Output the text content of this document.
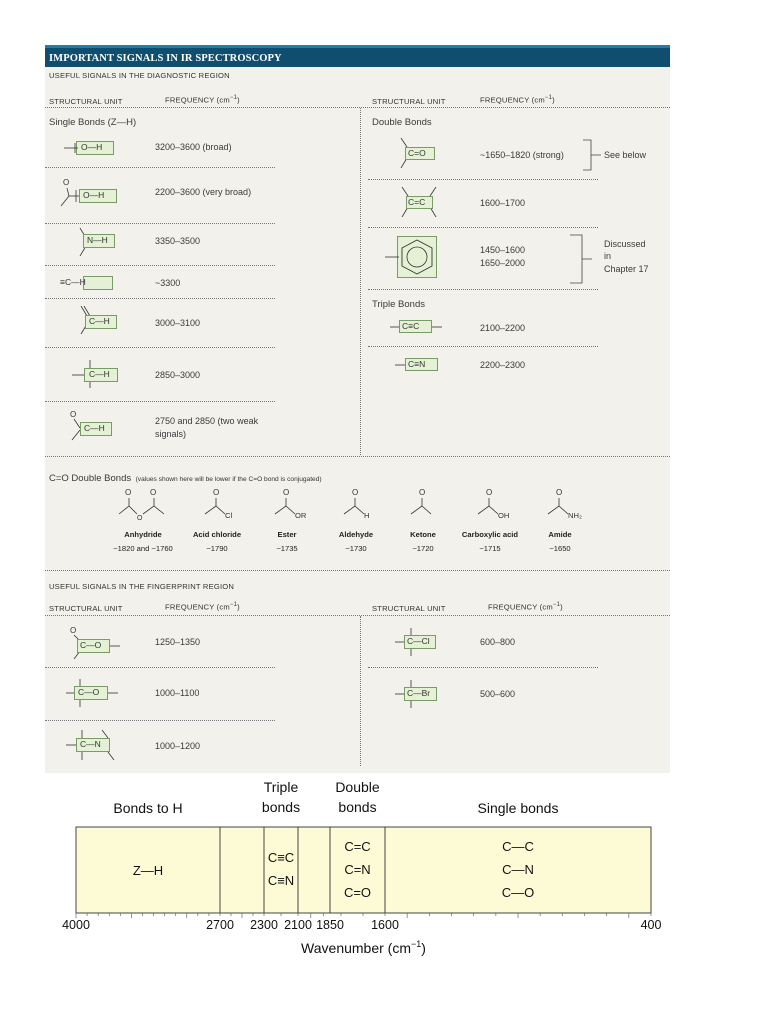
IMPORTANT SIGNALS IN IR SPECTROSCOPY
USEFUL SIGNALS IN THE DIAGNOSTIC REGION
STRUCTURAL UNIT	FREQUENCY $(cm^{-1})$	STRUCTURAL UNIT	FREQUENCY $(cm^{-1})$
Single Bonds (Z—H)
O—H	3200–3600 (broad)
O
O—H	2200–3600 (very broad)
N—H	3350–3500
≡C—H	~3300
C—H	3000–3100
C—H	2850–3000
O
C—H
2750 and 2850 (two weak
signals)
Double Bonds
C=O	~1650–1820 (strong)	See below
C=C	1600–1700
1450–1600
1650–2000
Discussed
in
Chapter 17
Triple Bonds
C≡C	2100–2200
C≡N	2200–2300
C=O Double Bonds (values shown here will be lower if the C=O bond is conjugated)
USEFUL SIGNALS IN THE FINGERPRINT REGION
STRUCTURAL UNIT	FREQUENCY $(cm^{-1})$	STRUCTURAL UNIT	FREQUENCY $(cm^{-1})$
O
C—O	1250–1350
C—O	1000–1100
C—N	1000–1200
C—Cl	600–800
C—Br	500–600
Bonds to H
Z—H
Triple
bonds
C≡C
C≡N
Double
bonds
C=C
C=N
C=O
Single bonds
C—C
C—N
C—O
4000	2700 2300 2100 1850 1600	400
Wavenumber $(cm^{-1})$
O O
O
Anhydride
~1820 and ~1760
O
Cl
Acid chloride
~1790
O
OR
Ester
~1735
O
H
Aldehyde
~1730
O
Ketone
~1720
O
OH
Carboxylic acid
~1715
O
NH₂
Amide
~1650
